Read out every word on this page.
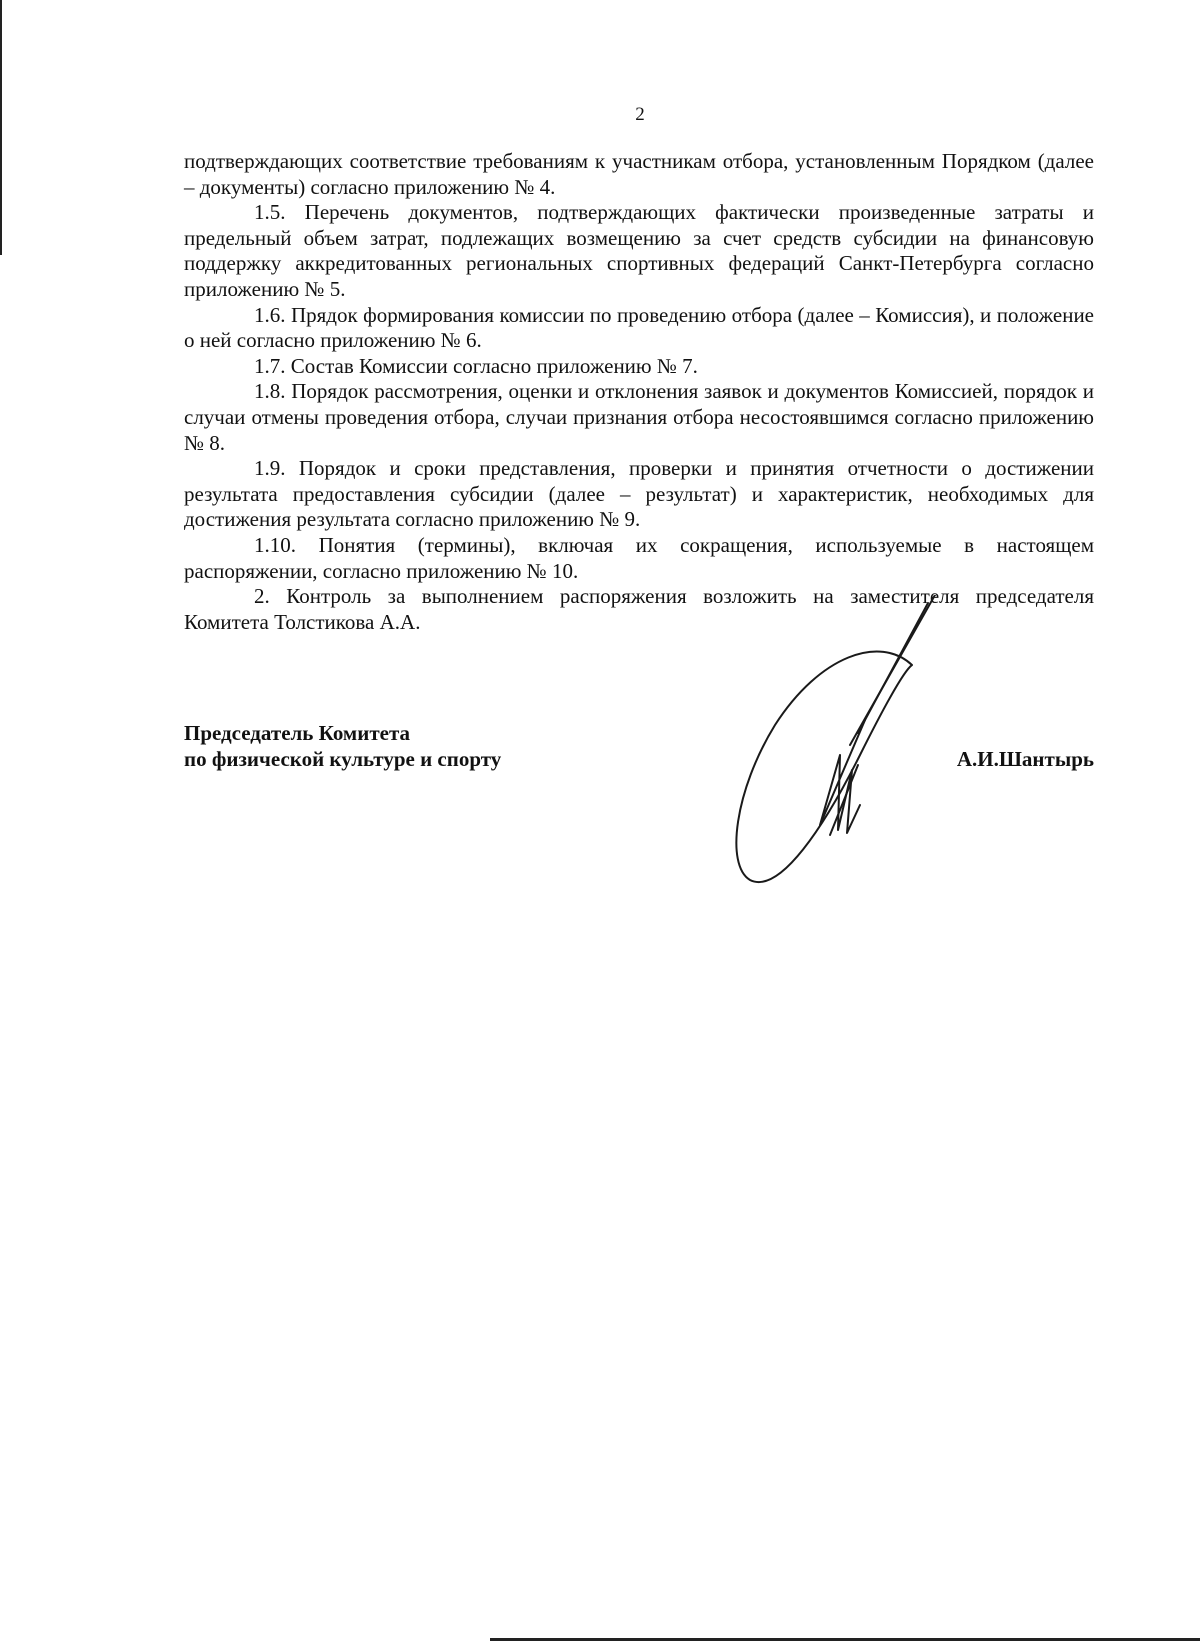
2

подтверждающих соответствие требованиям к участникам отбора, установленным Порядком (далее – документы) согласно приложению № 4.

1.5. Перечень документов, подтверждающих фактически произведенные затраты и предельный объем затрат, подлежащих возмещению за счет средств субсидии на финансовую поддержку аккредитованных региональных спортивных федераций Санкт-Петербурга согласно приложению № 5.

1.6. Прядок формирования комиссии по проведению отбора (далее – Комиссия), и положение о ней согласно приложению № 6.

1.7. Состав Комиссии согласно приложению № 7.

1.8. Порядок рассмотрения, оценки и отклонения заявок и документов Комиссией, порядок и случаи отмены проведения отбора, случаи признания отбора несостоявшимся согласно приложению № 8.

1.9. Порядок и сроки представления, проверки и принятия отчетности о достижении результата предоставления субсидии (далее – результат) и характеристик, необходимых для достижения результата согласно приложению № 9.

1.10. Понятия (термины), включая их сокращения, используемые в настоящем распоряжении, согласно приложению № 10.

2. Контроль за выполнением распоряжения возложить на заместителя председателя Комитета Толстикова А.А.

Председатель Комитета
по физической культуре и спорту	А.И.Шантырь
